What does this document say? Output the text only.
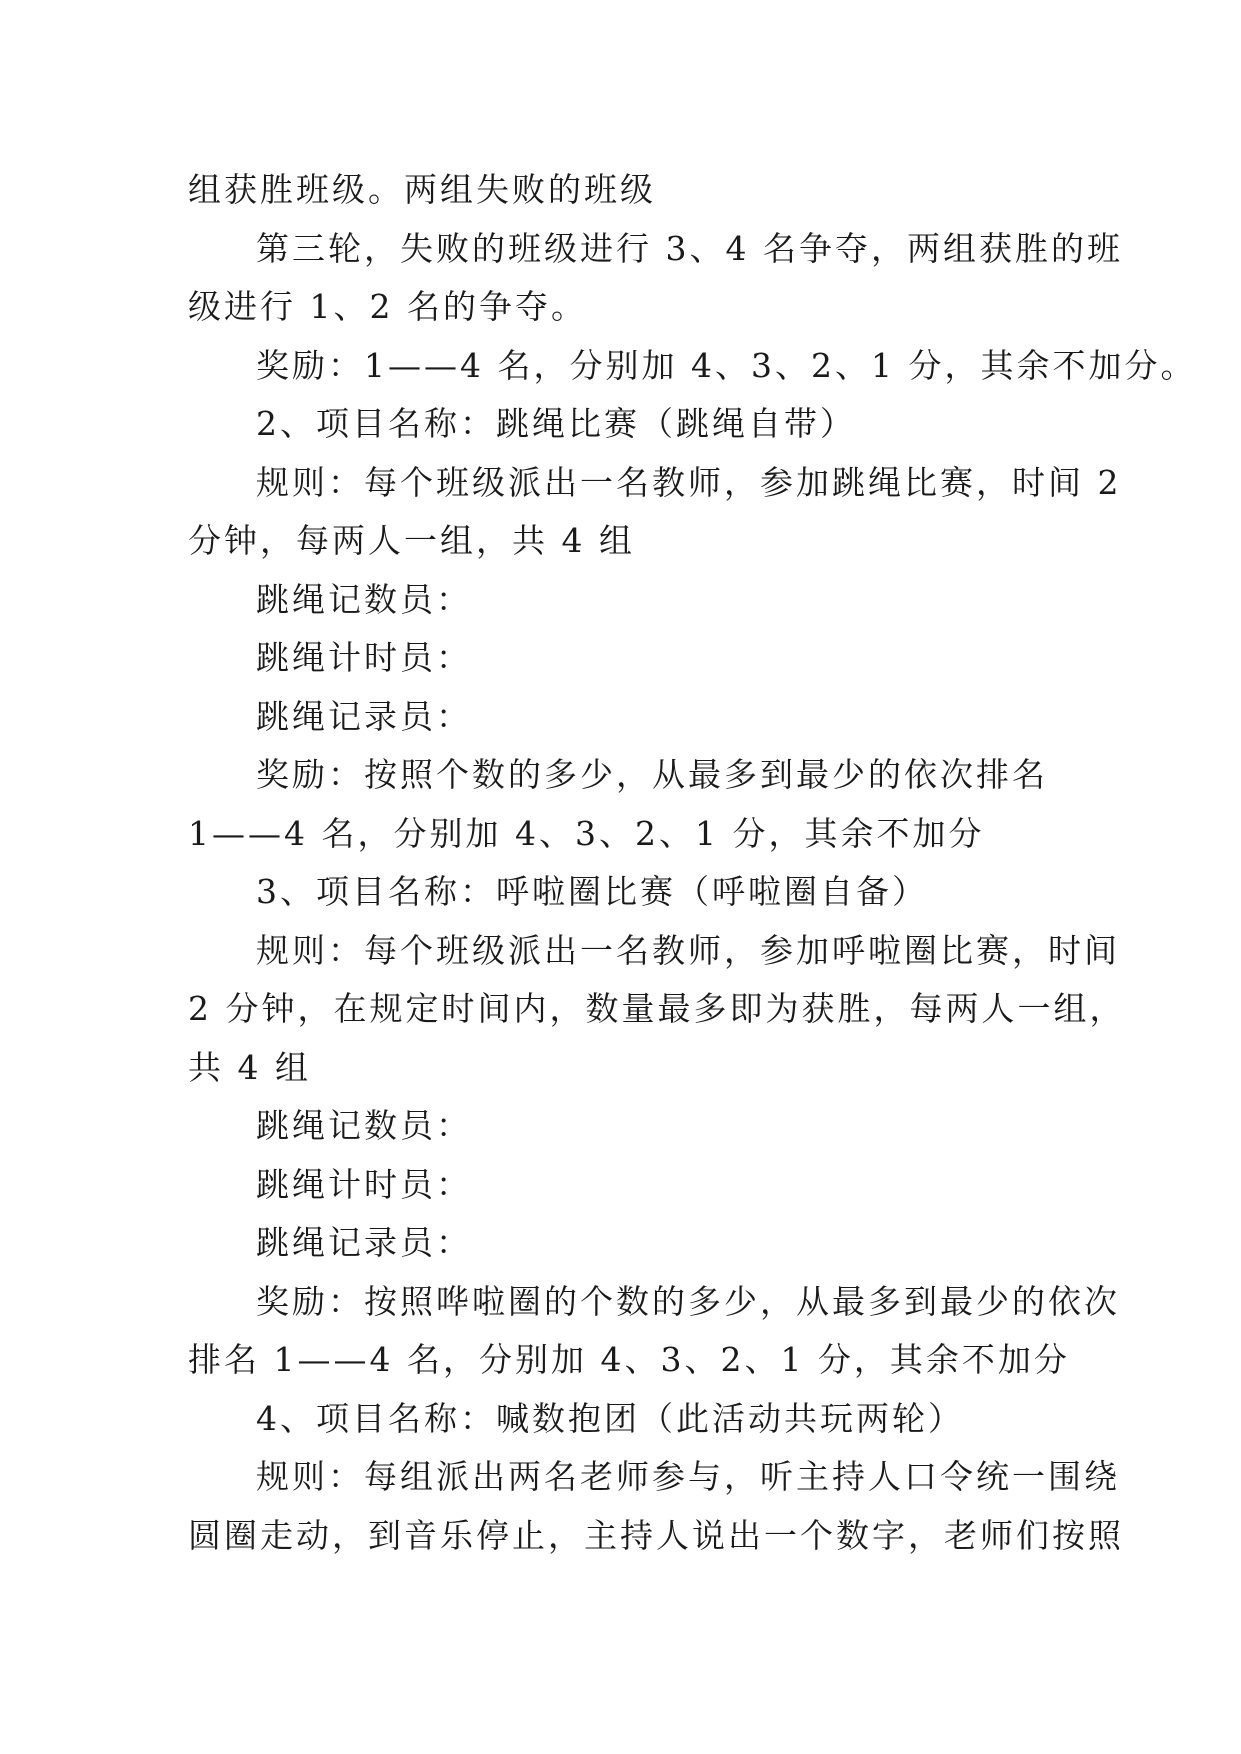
组获胜班级。两组失败的班级

第三轮，失败的班级进行 3、4 名争夺，两组获胜的班

级进行 1、2 名的争夺。

奖励：1——4 名，分别加 4、3、2、1 分，其余不加分。

2、项目名称：跳绳比赛（跳绳自带）

规则：每个班级派出一名教师，参加跳绳比赛，时间 2

分钟，每两人一组，共 4 组

跳绳记数员：

跳绳计时员：

跳绳记录员：

奖励：按照个数的多少，从最多到最少的依次排名

1——4 名，分别加 4、3、2、1 分，其余不加分

3、项目名称：呼啦圈比赛（呼啦圈自备）

规则：每个班级派出一名教师，参加呼啦圈比赛，时间

2 分钟，在规定时间内，数量最多即为获胜，每两人一组，

共 4 组

跳绳记数员：

跳绳计时员：

跳绳记录员：

奖励：按照哗啦圈的个数的多少，从最多到最少的依次

排名 1——4 名，分别加 4、3、2、1 分，其余不加分

4、项目名称：喊数抱团（此活动共玩两轮）

规则：每组派出两名老师参与，听主持人口令统一围绕

圆圈走动，到音乐停止，主持人说出一个数字，老师们按照
